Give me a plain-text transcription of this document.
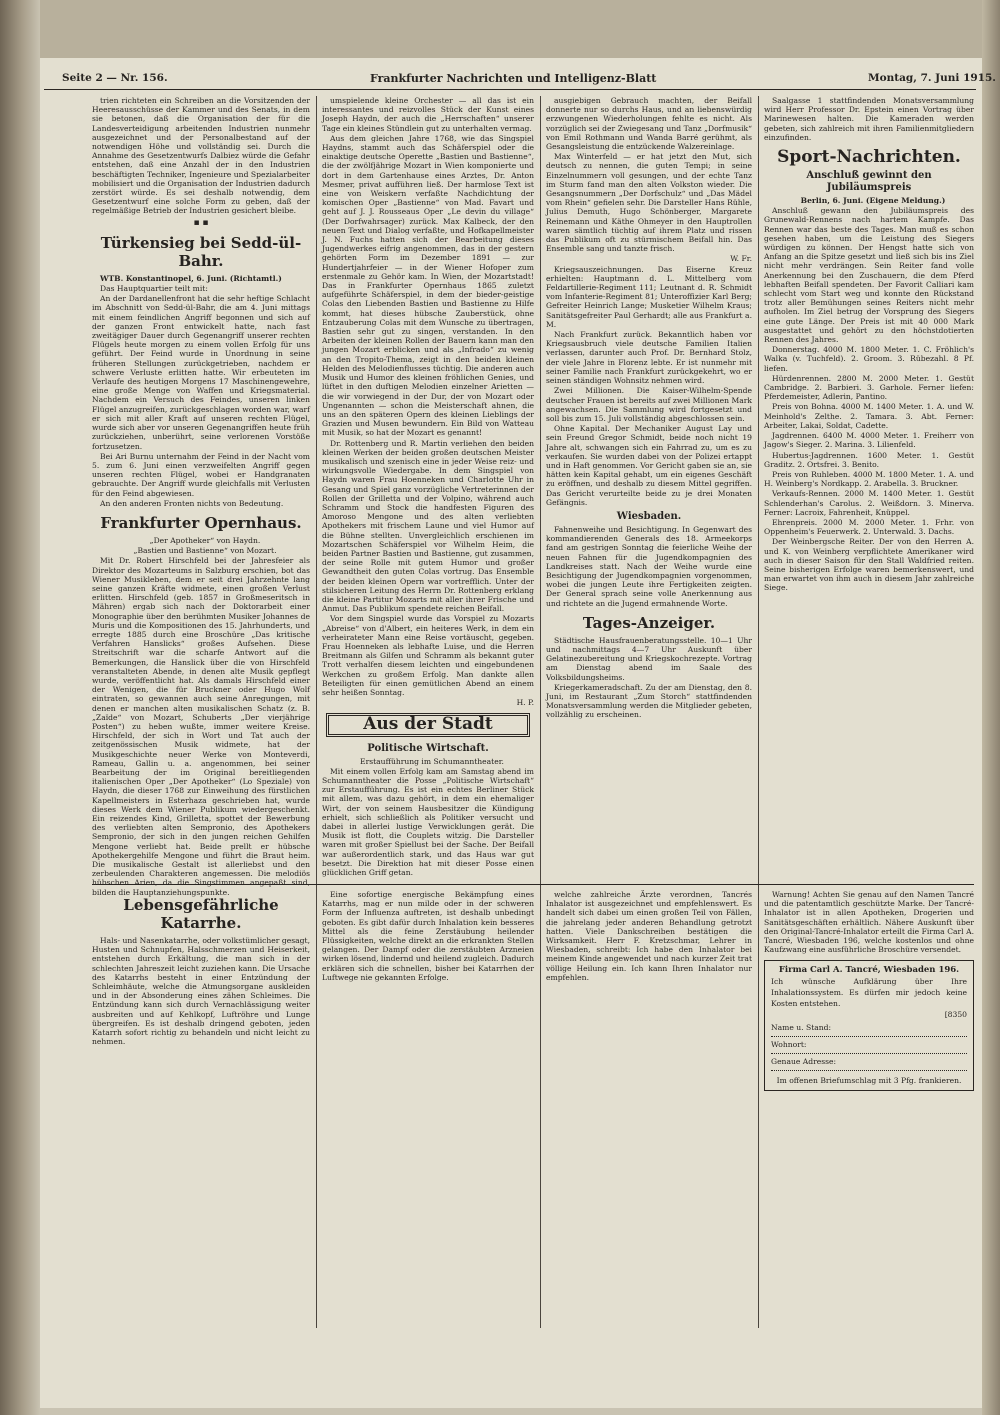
Seite 2 — Nr. 156.	Frankfurter Nachrichten und Intelligenz-Blatt	Montag, 7. Juni 1915.

trien richteten ein Schreiben an die Vorsitzenden der Heeresausschüsse der Kammer und des Senats, in dem sie betonen, daß die Organisation der für die Landesverteidigung arbeitenden Industrien nunmehr ausgezeichnet und der Personalbestand auf der notwendigen Höhe und vollständig sei. Durch die Annahme des Gesetzentwurfs Dalbiez würde die Gefahr entstehen, daß eine Anzahl der in den Industrien beschäftigten Techniker, Ingenieure und Spezialarbeiter mobilisiert und die Organisation der Industrien dadurch zerstört würde. Es sei deshalb notwendig, dem Gesetzentwurf eine solche Form zu geben, daß der regelmäßige Betrieb der Industrien gesichert bleibe.

▪ ▪
Türkensieg bei Sedd-ül-Bahr.

WTB. Konstantinopel, 6. Juni. (Richtamtl.)

Das Hauptquartier teilt mit:

An der Dardanellenfront hat die sehr heftige Schlacht im Abschnitt von Sedd-ül-Bahr, die am 4. Juni mittags mit einem feindlichen Angriff begonnen und sich auf der ganzen Front entwickelt hatte, nach fast zweitägiger Dauer durch Gegenangriff unserer rechten Flügels heute morgen zu einem vollen Erfolg für uns geführt. Der Feind wurde in Unordnung in seine früheren Stellungen zurückgetrieben, nachdem er schwere Verluste erlitten hatte. Wir erbeuteten im Verlaufe des heutigen Morgens 17 Maschinengewehre, eine große Menge von Waffen und Kriegsmaterial. Nachdem ein Versuch des Feindes, unseren linken Flügel anzugreifen, zurückgeschlagen worden war, warf er sich mit aller Kraft auf unseren rechten Flügel, wurde sich aber vor unseren Gegenangriffen heute früh zurückziehen, unberührt, seine verlorenen Vorstöße fortzusetzen.

Bei Ari Burnu unternahm der Feind in der Nacht vom 5. zum 6. Juni einen verzweifelten Angriff gegen unseren rechten Flügel, wobei er Handgranaten gebrauchte. Der Angriff wurde gleichfalls mit Verlusten für den Feind abgewiesen.

An den anderen Fronten nichts von Bedeutung.

Frankfurter Opernhaus.

„Der Apotheker“ von Haydn.

„Bastien und Bastienne“ von Mozart.

Mit Dr. Robert Hirschfeld bei der Jahresfeier als Direktor des Mozarteums in Salzburg erschien, bot das Wiener Musikleben, dem er seit drei Jahrzehnte lang seine ganzen Kräfte widmete, einen großen Verlust erlitten. Hirschfeld (geb. 1857 in Großmeseritsch in Mähren) ergab sich nach der Doktorarbeit einer Monographie über den berühmten Musiker Johannes de Muris und die Kompositionen des 15. Jahrhunderts, und erregte 1885 durch eine Broschüre „Das kritische Verfahren Hanslicks“ großes Aufsehen. Diese Streitschrift war die scharfe Antwort auf die Bemerkungen, die Hanslick über die von Hirschfeld veranstalteten Abende, in denen alte Musik gepflegt wurde, veröffentlicht hat. Als damals Hirschfeld einer der Wenigen, die für Bruckner oder Hugo Wolf eintraten, so gewannen auch seine Anregungen, mit denen er manchen alten musikalischen Schatz (z. B. „Zaïde“ von Mozart, Schuberts „Der vierjährige Posten“) zu heben wußte, immer weitere Kreise. Hirschfeld, der sich in Wort und Tat auch der zeitgenössischen Musik widmete, hat der Musikgeschichte neuer Werke von Monteverdi, Rameau, Gallin u. a. angenommen, bei seiner Bearbeitung der im Original bereitliegenden italienischen Oper „Der Apotheker“ (Lo Speziale) von Haydn, die dieser 1768 zur Einweihung des fürstlichen Kapellmeisters in Esterhaza geschrieben hat, wurde dieses Werk dem Wiener Publikum wiedergeschenkt. Ein reizendes Kind, Grilletta, spottet der Bewerbung des verliebten alten Sempronio, des Apothekers Sempronio, der sich in den jungen reichen Gehilfen Mengone verliebt hat. Beide prellt er hübsche Apothekergehilfe Mengone und führt die Braut heim. Die musikalische Gestalt ist allerliebst und den zerbeulenden Charakteren angemessen. Die melodiös hübschen Arien, da die Singstimmen angepaßt sind, bilden die Hauptanziehungspunkte.

umspielende kleine Orchester — all das ist ein interessantes und reizvolles Stück der Kunst eines Joseph Haydn, der auch die „Herrschaften“ unserer Tage ein kleines Stündlein gut zu unterhalten vermag.

Aus dem gleichen Jahre 1768, wie das Singspiel Haydns, stammt auch das Schäferspiel oder die einaktige deutsche Operette „Bastien und Bastienne“, die der zwölfjährige Mozart in Wien komponierte und dort in dem Gartenhause eines Arztes, Dr. Anton Mesmer, privat aufführen ließ. Der harmlose Text ist eine von Weiskern verfaßte Nachdichtung der komischen Oper „Bastienne“ von Mad. Favart und geht auf J. J. Rousseaus Oper „Le devin du village“ (Der Dorfwahrsager) zurück. Max Kalbeck, der den neuen Text und Dialog verfaßte, und Hofkapellmeister J. N. Fuchs hatten sich der Bearbeitung dieses Jugendwerkes eifrig angenommen, das in der gestern gehörten Form im Dezember 1891 — zur Hundertjahrfeier — in der Wiener Hofoper zum erstenmale zu Gehör kam. In Wien, der Mozartstadt! Das in Frankfurter Opernhaus 1865 zuletzt aufgeführte Schäferspiel, in dem der bieder-geistige Colas den Liebenden Bastien und Bastienne zu Hilfe kommt, hat dieses hübsche Zauberstück, ohne Entzauberung Colas mit dem Wunsche zu übertragen, Bastien sehr gut zu singen, verstanden. In den Arbeiten der kleinen Rollen der Bauern kann man den jungen Mozart erblicken und als „Infrado“ zu wenig an den Tropito-Thema, zeigt in den beiden kleinen Helden des Melodienflusses tüchtig. Die anderen auch Musik und Humor des kleinen fröhlichen Genies, und lüftet in den duftigen Melodien einzelner Arietten — die wir vorwiegend in der Dur, der von Mozart oder Ungenannten — schon die Meisterschaft ahnen, die uns an den späteren Opern des kleinen Lieblings der Grazien und Musen bewundern. Ein Bild von Watteau mit Musik, so hat der Mozart es genannt!

Dr. Rottenberg und R. Martin verliehen den beiden kleinen Werken der beiden großen deutschen Meister musikalisch und szenisch eine in jeder Weise reiz- und wirkungsvolle Wiedergabe. In dem Singspiel von Haydn waren Frau Hoenneken und Charlotte Uhr in Gesang und Spiel ganz vorzügliche Vertreterinnen der Rollen der Grilletta und der Volpino, während auch Schramm und Stock die handfesten Figuren des Amoroso Mengone und des alten verliebten Apothekers mit frischem Laune und viel Humor auf die Bühne stellten. Unvergleichlich erschienen im Mozartschen Schäferspiel vor Wilhelm Heim, die beiden Partner Bastien und Bastienne, gut zusammen, der seine Rolle mit gutem Humor und großer Gewandtheit den guten Colas vortrug. Das Ensemble der beiden kleinen Opern war vortrefflich. Unter der stilsicheren Leitung des Herrn Dr. Rottenberg erklang die kleine Partitur Mozarts mit aller ihrer Frische und Anmut. Das Publikum spendete reichen Beifall.

Vor dem Singspiel wurde das Vorspiel zu Mozarts „Abreise“ von d'Albert, ein heiteres Werk, in dem ein verheirateter Mann eine Reise vortäuscht, gegeben. Frau Hoenneken als lebhafte Luise, und die Herren Breitmann als Gilfen und Schramm als bekannt guter Trott verhalfen diesem leichten und eingebundenen Werkchen zu großem Erfolg. Man dankte allen Beteiligten für einen gemütlichen Abend an einem sehr heißen Sonntag.

H. P.

Aus der Stadt
Politische Wirtschaft.

Erstaufführung im Schumanntheater.

Mit einem vollen Erfolg kam am Samstag abend im Schumanntheater die Posse „Politische Wirtschaft“ zur Erstaufführung. Es ist ein echtes Berliner Stück mit allem, was dazu gehört, in dem ein ehemaliger Wirt, der von seinem Hausbesitzer die Kündigung erhielt, sich schließlich als Politiker versucht und dabei in allerlei lustige Verwicklungen gerät. Die Musik ist flott, die Couplets witzig. Die Darsteller waren mit großer Spiellust bei der Sache. Der Beifall war außerordentlich stark, und das Haus war gut besetzt. Die Direktion hat mit dieser Posse einen glücklichen Griff getan.

ausgiebigen Gebrauch machten, der Beifall donnerte nur so durchs Haus, und an liebenswürdig erzwungenen Wiederholungen fehlte es nicht. Als vorzüglich sei der Zwiegesang und Tanz „Dorfmusik“ von Emil Rothmann und Wanda Barré gerühmt, als Gesangsleistung die entzückende Walzereinlage.

Max Winterfeld — er hat jetzt den Mut, sich deutsch zu nennen, die guten Tempi; in seine Einzelnummern voll gesungen, und der echte Tanz im Sturm fand man den alten Volkston wieder. Die Gesangsnummern „Der Dorfschulz“ und „Das Mädel vom Rhein“ gefielen sehr. Die Darsteller Hans Rühle, Julius Demuth, Hugo Schönberger, Margarete Reinemann und Käthe Ohmeyer in den Hauptrollen waren sämtlich tüchtig auf ihrem Platz und rissen das Publikum oft zu stürmischem Beifall hin. Das Ensemble sang und tanzte frisch.

W. Fr.

Kriegsauszeichnungen. Das Eiserne Kreuz erhielten: Hauptmann d. L. Mittelberg vom Feldartillerie-Regiment 111; Leutnant d. R. Schmidt vom Infanterie-Regiment 81; Unteroffizier Karl Berg; Gefreiter Heinrich Lange; Musketier Wilhelm Kraus; Sanitätsgefreiter Paul Gerhardt; alle aus Frankfurt a. M.

Nach Frankfurt zurück. Bekanntlich haben vor Kriegsausbruch viele deutsche Familien Italien verlassen, darunter auch Prof. Dr. Bernhard Stolz, der viele Jahre in Florenz lebte. Er ist nunmehr mit seiner Familie nach Frankfurt zurückgekehrt, wo er seinen ständigen Wohnsitz nehmen wird.

Zwei Millionen. Die Kaiser-Wilhelm-Spende deutscher Frauen ist bereits auf zwei Millionen Mark angewachsen. Die Sammlung wird fortgesetzt und soll bis zum 15. Juli vollständig abgeschlossen sein.

Ohne Kapital. Der Mechaniker August Lay und sein Freund Gregor Schmidt, beide noch nicht 19 Jahre alt, schwangen sich ein Fahrrad zu, um es zu verkaufen. Sie wurden dabei von der Polizei ertappt und in Haft genommen. Vor Gericht gaben sie an, sie hätten kein Kapital gehabt, um ein eigenes Geschäft zu eröffnen, und deshalb zu diesem Mittel gegriffen. Das Gericht verurteilte beide zu je drei Monaten Gefängnis.

Wiesbaden.

Fahnenweihe und Besichtigung. In Gegenwart des kommandierenden Generals des 18. Armeekorps fand am gestrigen Sonntag die feierliche Weihe der neuen Fahnen für die Jugendkompagnien des Landkreises statt. Nach der Weihe wurde eine Besichtigung der Jugendkompagnien vorgenommen, wobei die jungen Leute ihre Fertigkeiten zeigten. Der General sprach seine volle Anerkennung aus und richtete an die Jugend ermahnende Worte.

Tages-Anzeiger.

Städtische Hausfrauenberatungsstelle. 10—1 Uhr und nachmittags 4—7 Uhr Auskunft über Gelatinezubereitung und Kriegskochrezepte. Vortrag am Dienstag abend im Saale des Volksbildungsheims.

Kriegerkameradschaft. Zu der am Dienstag, den 8. Juni, im Restaurant „Zum Storch“ stattfindenden Monatsversammlung werden die Mitglieder gebeten, vollzählig zu erscheinen.

Saalgasse 1 stattfindenden Monatsversammlung wird Herr Professor Dr. Epstein einen Vortrag über Marinewesen halten. Die Kameraden werden gebeten, sich zahlreich mit ihren Familienmitgliedern einzufinden.

Sport-Nachrichten.
Anschluß gewinnt den Jubiläumspreis

Berlin, 6. Juni. (Eigene Meldung.)

Anschluß gewann den Jubiläumspreis des Grunewald-Rennens nach hartem Kampfe. Das Rennen war das beste des Tages. Man muß es schon gesehen haben, um die Leistung des Siegers würdigen zu können. Der Hengst hatte sich von Anfang an die Spitze gesetzt und ließ sich bis ins Ziel nicht mehr verdrängen. Sein Reiter fand volle Anerkennung bei den Zuschauern, die dem Pferd lebhaften Beifall spendeten. Der Favorit Calliari kam schlecht vom Start weg und konnte den Rückstand trotz aller Bemühungen seines Reiters nicht mehr aufholen. Im Ziel betrug der Vorsprung des Siegers eine gute Länge. Der Preis ist mit 40 000 Mark ausgestattet und gehört zu den höchstdotierten Rennen des Jahres.

Donnerstag. 4000 M. 1800 Meter. 1. C. Fröhlich's Walka (v. Tuchfeld). 2. Groom. 3. Rübezahl. 8 Pf. liefen.

Hürdenrennen. 2800 M. 2000 Meter. 1. Gestüt Cambridge. 2. Barbieri. 3. Garhole. Ferner liefen: Pferdemeister, Adlerin, Pantino.

Preis von Bohna. 4000 M. 1400 Meter. 1. A. und W. Meinhold's Zelthe. 2. Tamara. 3. Abt. Ferner: Arbeiter, Lakai, Soldat, Cadette.

Jagdrennen. 6400 M. 4000 Meter. 1. Freiherr von Jagow's Sieger. 2. Marina. 3. Lilienfeld.

Hubertus-Jagdrennen. 1600 Meter. 1. Gestüt Graditz. 2. Ortsfrei. 3. Benito.

Preis von Ruhleben. 4000 M. 1800 Meter. 1. A. und H. Weinberg's Nordkapp. 2. Arabella. 3. Bruckner.

Verkaufs-Rennen. 2000 M. 1400 Meter. 1. Gestüt Schlenderhan's Carolus. 2. Weißdorn. 3. Minerva. Ferner: Lacroix, Fahrenheit, Knüppel.

Ehrenpreis. 2000 M. 2000 Meter. 1. Frhr. von Oppenheim's Feuerwerk. 2. Unterwald. 3. Dachs.

Der Weinbergsche Reiter. Der von den Herren A. und K. von Weinberg verpflichtete Amerikaner wird auch in dieser Saison für den Stall Waldfried reiten. Seine bisherigen Erfolge waren bemerkenswert, und man erwartet von ihm auch in diesem Jahr zahlreiche Siege.

Lebensgefährliche Katarrhe.

Hals- und Nasenkatarrhe, oder volkstümlicher gesagt, Husten und Schnupfen, Halsschmerzen und Heiserkeit, entstehen durch Erkältung, die man sich in der schlechten Jahreszeit leicht zuziehen kann. Die Ursache des Katarrhs besteht in einer Entzündung der Schleimhäute, welche die Atmungsorgane auskleiden und in der Absonderung eines zähen Schleimes. Die Entzündung kann sich durch Vernachlässigung weiter ausbreiten und auf Kehlkopf, Luftröhre und Lunge übergreifen. Es ist deshalb dringend geboten, jeden Katarrh sofort richtig zu behandeln und nicht leicht zu nehmen.

Eine sofortige energische Bekämpfung eines Katarrhs, mag er nun milde oder in der schweren Form der Influenza auftreten, ist deshalb unbedingt geboten. Es gibt dafür durch Inhalation kein besseres Mittel als die feine Zerstäubung heilender Flüssigkeiten, welche direkt an die erkrankten Stellen gelangen. Der Dampf oder die zerstäubten Arzneien wirken lösend, lindernd und heilend zugleich. Dadurch erklären sich die schnellen, bisher bei Katarrhen der Luftwege nie gekannten Erfolge.

welche zahlreiche Ärzte verordnen, Tancrés Inhalator ist ausgezeichnet und empfehlenswert. Es handelt sich dabei um einen großen Teil von Fällen, die jahrelang jeder anderen Behandlung getrotzt hatten. Viele Dankschreiben bestätigen die Wirksamkeit. Herr F. Kretzschmar, Lehrer in Wiesbaden, schreibt: Ich habe den Inhalator bei meinem Kinde angewendet und nach kurzer Zeit trat völlige Heilung ein. Ich kann Ihren Inhalator nur empfehlen.

Warnung! Achten Sie genau auf den Namen Tancré und die patentamtlich geschützte Marke. Der Tancré-Inhalator ist in allen Apotheken, Drogerien und Sanitätsgeschäften erhältlich. Nähere Auskunft über den Original-Tancré-Inhalator erteilt die Firma Carl A. Tancré, Wiesbaden 196, welche kostenlos und ohne Kaufzwang eine ausführliche Broschüre versendet.

Firma Carl A. Tancré, Wiesbaden 196.
Ich wünsche Aufklärung über Ihre Inhalationssystem. Es dürfen mir jedoch keine Kosten entstehen.
[8350
Name u. Stand:
Wohnort:
Genaue Adresse:
Im offenen Briefumschlag mit 3 Pfg. frankieren.
